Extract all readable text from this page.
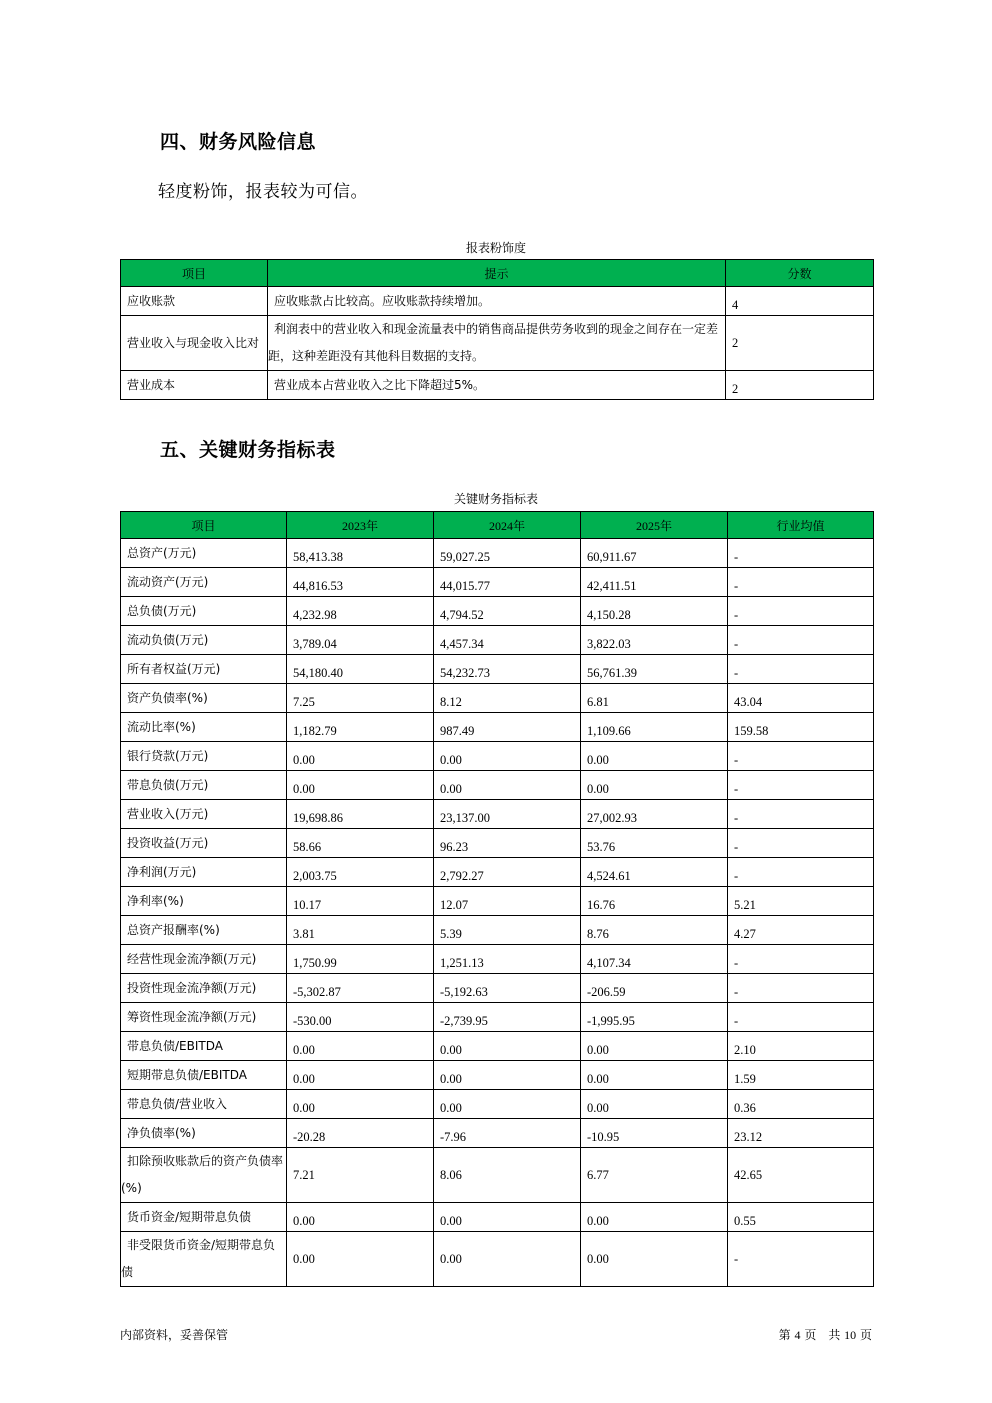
四、财务风险信息
轻度粉饰，报表较为可信。
报表粉饰度
项目	提示	分数
应收账款	应收账款占比较高。应收账款持续增加。	4
营业收入与现金收入比对	利润表中的营业收入和现金流量表中的销售商品提供劳务收到的现金之间存在一定差距，这种差距没有其他科目数据的支持。	2
营业成本	营业成本占营业收入之比下降超过5%。	2
五、关键财务指标表
关键财务指标表
项目	2023年	2024年	2025年	行业均值
总资产(万元)	58,413.38	59,027.25	60,911.67	-
流动资产(万元)	44,816.53	44,015.77	42,411.51	-
总负债(万元)	4,232.98	4,794.52	4,150.28	-
流动负债(万元)	3,789.04	4,457.34	3,822.03	-
所有者权益(万元)	54,180.40	54,232.73	56,761.39	-
资产负债率(%)	7.25	8.12	6.81	43.04
流动比率(%)	1,182.79	987.49	1,109.66	159.58
银行贷款(万元)	0.00	0.00	0.00	-
带息负债(万元)	0.00	0.00	0.00	-
营业收入(万元)	19,698.86	23,137.00	27,002.93	-
投资收益(万元)	58.66	96.23	53.76	-
净利润(万元)	2,003.75	2,792.27	4,524.61	-
净利率(%)	10.17	12.07	16.76	5.21
总资产报酬率(%)	3.81	5.39	8.76	4.27
经营性现金流净额(万元)	1,750.99	1,251.13	4,107.34	-
投资性现金流净额(万元)	-5,302.87	-5,192.63	-206.59	-
筹资性现金流净额(万元)	-530.00	-2,739.95	-1,995.95	-
带息负债/EBITDA	0.00	0.00	0.00	2.10
短期带息负债/EBITDA	0.00	0.00	0.00	1.59
带息负债/营业收入	0.00	0.00	0.00	0.36
净负债率(%)	-20.28	-7.96	-10.95	23.12
扣除预收账款后的资产负债率(%)	7.21	8.06	6.77	42.65
货币资金/短期带息负债	0.00	0.00	0.00	0.55
非受限货币资金/短期带息负债	0.00	0.00	0.00	-
内部资料，妥善保管	第 4 页　共 10 页
